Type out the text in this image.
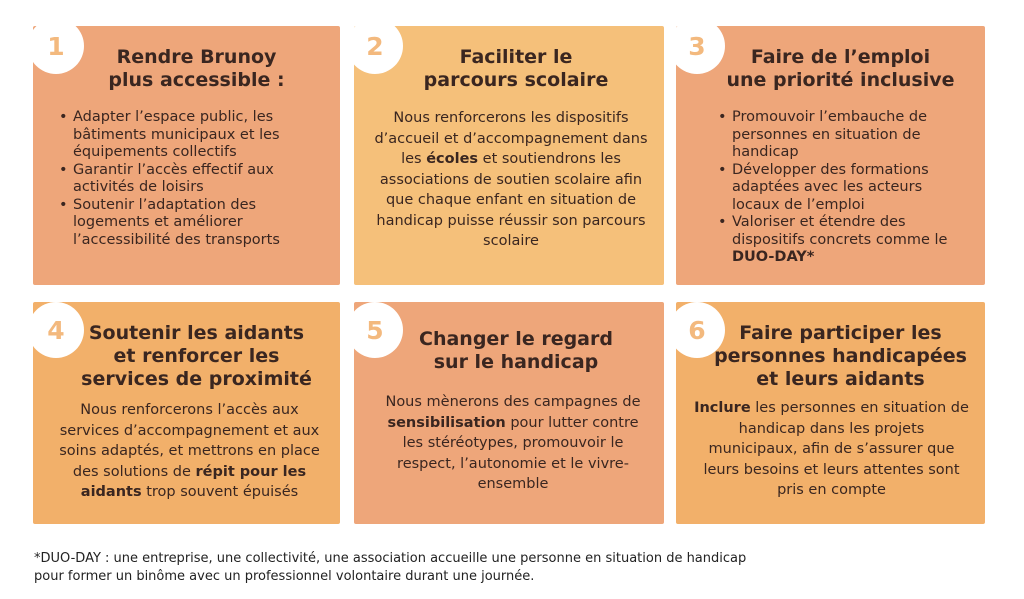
Rendre Brunoy
plus accessible :
• Adapter l’espace public, les bâtiments municipaux et les équipements collectifs
• Garantir l’accès effectif aux activités de loisirs
• Soutenir l’adaptation des logements et améliorer l’accessibilité des transports
1	Faciliter le
parcours scolaire
Nous renforcerons les dispositifs d’accueil et d’accompagnement dans les écoles et soutiendrons les associations de soutien scolaire afin que chaque enfant en situation de handicap puisse réussir son parcours scolaire
2	Faire de l’emploi
une priorité inclusive
• Promouvoir l’embauche de personnes en situation de handicap
• Développer des formations adaptées avec les acteurs locaux de l’emploi
• Valoriser et étendre des dispositifs concrets comme le DUO-DAY*
3
Soutenir les aidants
et renforcer les
services de proximité
Nous renforcerons l’accès aux services d’accompagnement et aux soins adaptés, et mettrons en place des solutions de répit pour les aidants trop souvent épuisés
4	Changer le regard
sur le handicap
Nous mènerons des campagnes de sensibilisation pour lutter contre les stéréotypes, promouvoir le respect, l’autonomie et le vivre-ensemble
5	Faire participer les
personnes handicapées
et leurs aidants
Inclure les personnes en situation de handicap dans les projets municipaux, afin de s’assurer que leurs besoins et leurs attentes sont pris en compte
6
*DUO-DAY : une entreprise, une collectivité, une association accueille une personne en situation de handicap
pour former un binôme avec un professionnel volontaire durant une journée.
